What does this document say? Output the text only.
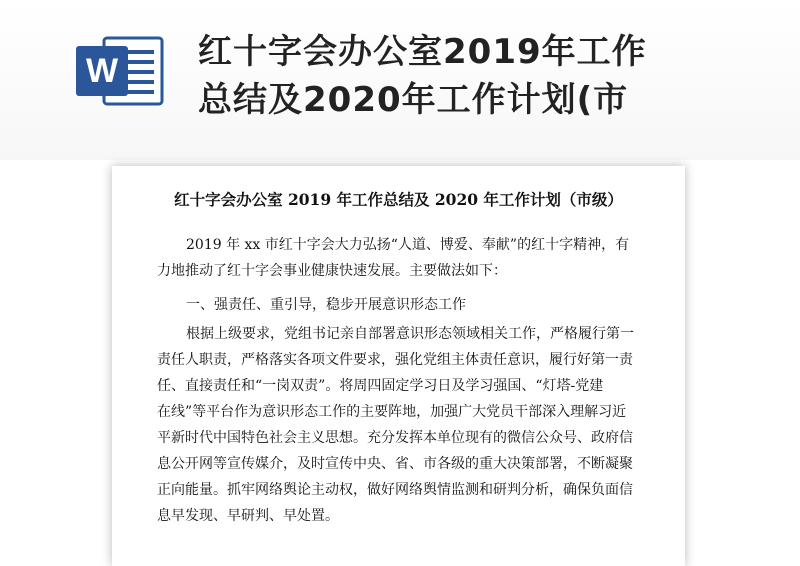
W 红十字会办公室2019年工作
总结及2020年工作计划(市
红十字会办公室 2019 年工作总结及 2020 年工作计划（市级）
2019 年 xx 市红十字会大力弘扬“人道、博爱、奉献”的红十字精神，有
力地推动了红十字会事业健康快速发展。主要做法如下：
一、强责任、重引导，稳步开展意识形态工作
根据上级要求，党组书记亲自部署意识形态领域相关工作，严格履行第一
责任人职责，严格落实各项文件要求，强化党组主体责任意识，履行好第一责
任、直接责任和“一岗双责”。将周四固定学习日及学习强国、“灯塔-党建
在线”等平台作为意识形态工作的主要阵地，加强广大党员干部深入理解习近
平新时代中国特色社会主义思想。充分发挥本单位现有的微信公众号、政府信
息公开网等宣传媒介，及时宣传中央、省、市各级的重大决策部署，不断凝聚
正向能量。抓牢网络舆论主动权，做好网络舆情监测和研判分析，确保负面信
息早发现、早研判、早处置。
